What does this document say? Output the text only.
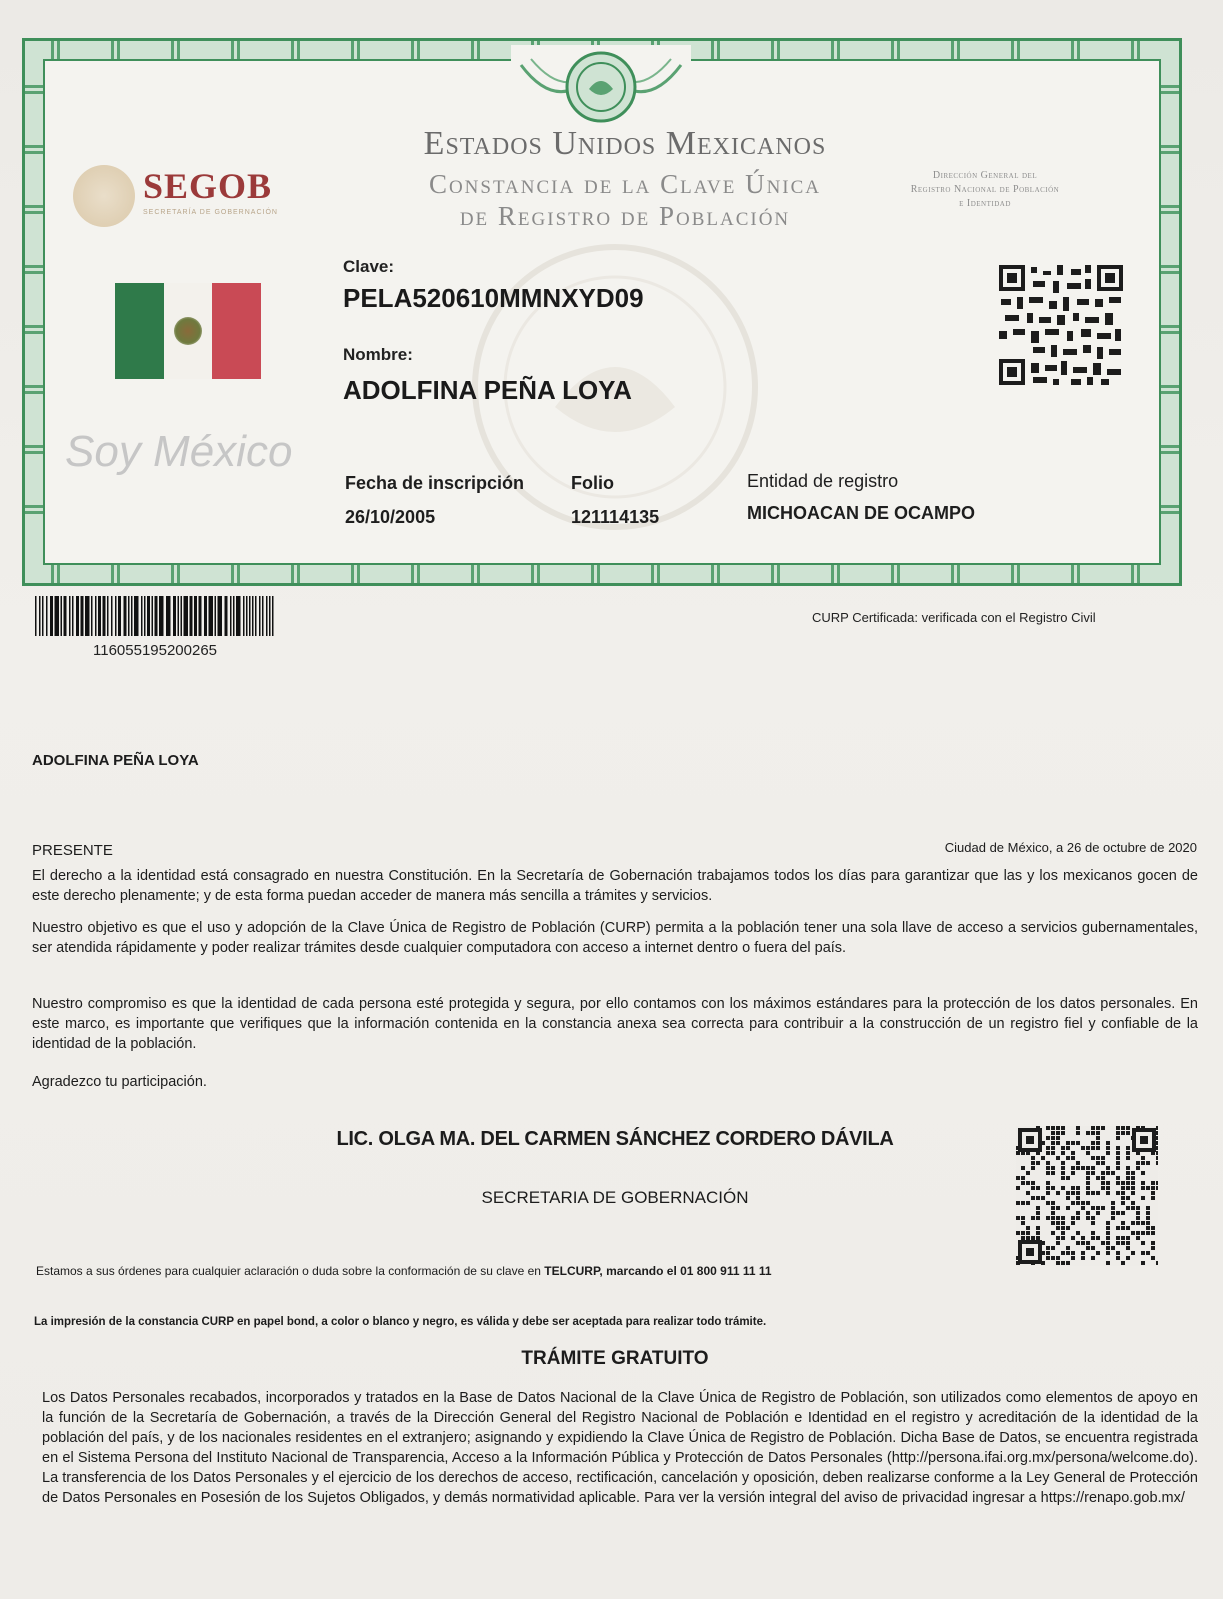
Estados Unidos Mexicanos
Constancia de la Clave Única
de Registro de Población
SEGOB
SECRETARÍA DE GOBERNACIÓN
Dirección General del
Registro Nacional de Población
e Identidad
Soy México
Clave:
PELA520610MMNXYD09
Nombre:
ADOLFINA PEÑA LOYA
Fecha de inscripción
26/10/2005
Folio
121114135
Entidad de registro
MICHOACAN DE OCAMPO
116055195200265
CURP Certificada: verificada con el Registro Civil
ADOLFINA PEÑA LOYA
PRESENTE	Ciudad de México, a 26 de octubre de 2020
El derecho a la identidad está consagrado en nuestra Constitución. En la Secretaría de Gobernación trabajamos todos los días para garantizar que las y los mexicanos gocen de este derecho plenamente; y de esta forma puedan acceder de manera más sencilla a trámites y servicios.
Nuestro objetivo es que el uso y adopción de la Clave Única de Registro de Población (CURP) permita a la población tener una sola llave de acceso a servicios gubernamentales, ser atendida rápidamente y poder realizar trámites desde cualquier computadora con acceso a internet dentro o fuera del país.
Nuestro compromiso es que la identidad de cada persona esté protegida y segura, por ello contamos con los máximos estándares para la protección de los datos personales. En este marco, es importante que verifiques que la información contenida en la constancia anexa sea correcta para contribuir a la construcción de un registro fiel y confiable de la identidad de la población.
Agradezco tu participación.
LIC. OLGA MA. DEL CARMEN SÁNCHEZ CORDERO DÁVILA
SECRETARIA DE GOBERNACIÓN
Estamos a sus órdenes para cualquier aclaración o duda sobre la conformación de su clave en TELCURP, marcando el 01 800 911 11 11
La impresión de la constancia CURP en papel bond, a color o blanco y negro, es válida y debe ser aceptada para realizar todo trámite.
TRÁMITE GRATUITO
Los Datos Personales recabados, incorporados y tratados en la Base de Datos Nacional de la Clave Única de Registro de Población, son utilizados como elementos de apoyo en la función de la Secretaría de Gobernación, a través de la Dirección General del Registro Nacional de Población e Identidad en el registro y acreditación de la identidad de la población del país, y de los nacionales residentes en el extranjero; asignando y expidiendo la Clave Única de Registro de Población. Dicha Base de Datos, se encuentra registrada en el Sistema Persona del Instituto Nacional de Transparencia, Acceso a la Información Pública y Protección de Datos Personales (http://persona.ifai.org.mx/persona/welcome.do). La transferencia de los Datos Personales y el ejercicio de los derechos de acceso, rectificación, cancelación y oposición, deben realizarse conforme a la Ley General de Protección de Datos Personales en Posesión de los Sujetos Obligados, y demás normatividad aplicable. Para ver la versión integral del aviso de privacidad ingresar a https://renapo.gob.mx/
